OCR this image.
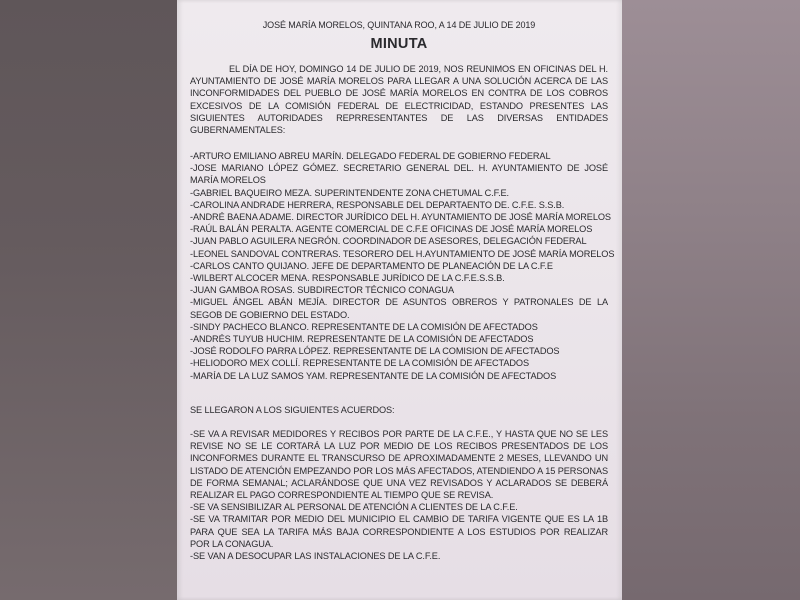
JOSÉ MARÍA MORELOS, QUINTANA ROO, A 14 DE JULIO DE 2019
MINUTA
EL DÍA DE HOY, DOMINGO 14 DE JULIO DE 2019, NOS REUNIMOS EN OFICINAS DEL H. AYUNTAMIENTO DE JOSÉ MARÍA MORELOS PARA LLEGAR A UNA SOLUCIÓN ACERCA DE LAS INCONFORMIDADES DEL PUEBLO DE JOSÉ MARÍA MORELOS EN CONTRA DE LOS COBROS EXCESIVOS DE LA COMISIÓN FEDERAL DE ELECTRICIDAD, ESTANDO PRESENTES LAS SIGUIENTES AUTORIDADES REPRRESENTANTES DE LAS DIVERSAS ENTIDADES GUBERNAMENTALES:
-ARTURO EMILIANO ABREU MARÍN. DELEGADO FEDERAL DE GOBIERNO FEDERAL
-JOSE MARIANO LÓPEZ GÓMEZ. SECRETARIO GENERAL DEL. H. AYUNTAMIENTO DE JOSÉ MARÍA MORELOS
-GABRIEL BAQUEIRO MEZA. SUPERINTENDENTE ZONA CHETUMAL C.F.E.
-CAROLINA ANDRADE HERRERA, RESPONSABLE DEL DEPARTAENTO DE. C.F.E. S.S.B.
-ANDRÉ BAENA ADAME. DIRECTOR JURÍDICO DEL H. AYUNTAMIENTO DE JOSÉ MARÍA MORELOS
-RAÚL BALÁN PERALTA. AGENTE COMERCIAL DE C.F.E OFICINAS DE JOSÉ MARÍA MORELOS
-JUAN PABLO AGUILERA NEGRÓN. COORDINADOR DE ASESORES, DELEGACIÓN FEDERAL
-LEONEL SANDOVAL CONTRERAS. TESORERO DEL H.AYUNTAMIENTO DE JOSÉ MARÍA MORELOS
-CARLOS CANTO QUIJANO. JEFE DE DEPARTAMENTO DE PLANEACIÓN DE LA C.F.E
-WILBERT ALCOCER MENA. RESPONSABLE JURÍDICO DE LA C.F.E.S.S.B.
-JUAN GAMBOA ROSAS. SUBDIRECTOR TÉCNICO CONAGUA
-MIGUEL ÁNGEL ABÁN MEJÍA. DIRECTOR DE ASUNTOS OBREROS Y PATRONALES DE LA SEGOB DE GOBIERNO DEL ESTADO.
-SINDY PACHECO BLANCO. REPRESENTANTE DE LA COMISIÓN DE AFECTADOS
-ANDRÉS TUYUB HUCHIM. REPRESENTANTE DE LA COMISIÓN DE AFECTADOS
-JOSÉ RODOLFO PARRA LÓPEZ. REPRESENTANTE DE LA COMISION DE AFECTADOS
-HELIODORO MEX COLLÍ. REPRESENTANTE DE LA COMISIÓN DE AFECTADOS
-MARÍA DE LA LUZ SAMOS YAM. REPRESENTANTE DE LA COMISIÓN DE AFECTADOS
SE LLEGARON A LOS SIGUIENTES ACUERDOS:
-SE VA A REVISAR MEDIDORES Y RECIBOS POR PARTE DE LA C.F.E., Y HASTA QUE NO SE LES REVISE NO SE LE CORTARÁ LA LUZ POR MEDIO DE LOS RECIBOS PRESENTADOS DE LOS INCONFORMES DURANTE EL TRANSCURSO DE APROXIMADAMENTE 2 MESES, LLEVANDO UN LISTADO DE ATENCIÓN EMPEZANDO POR LOS MÁS AFECTADOS, ATENDIENDO A 15 PERSONAS DE FORMA SEMANAL; ACLARÁNDOSE QUE UNA VEZ REVISADOS Y ACLARADOS SE DEBERÁ REALIZAR EL PAGO CORRESPONDIENTE AL TIEMPO QUE SE REVISA.
-SE VA SENSIBILIZAR AL PERSONAL DE ATENCIÓN A CLIENTES DE LA C.F.E.
-SE VA TRAMITAR POR MEDIO DEL MUNICIPIO EL CAMBIO DE TARIFA VIGENTE QUE ES LA 1B PARA QUE SEA LA TARIFA MÁS BAJA CORRESPONDIENTE A LOS ESTUDIOS POR REALIZAR POR LA CONAGUA.
-SE VAN A DESOCUPAR LAS INSTALACIONES DE LA C.F.E.
